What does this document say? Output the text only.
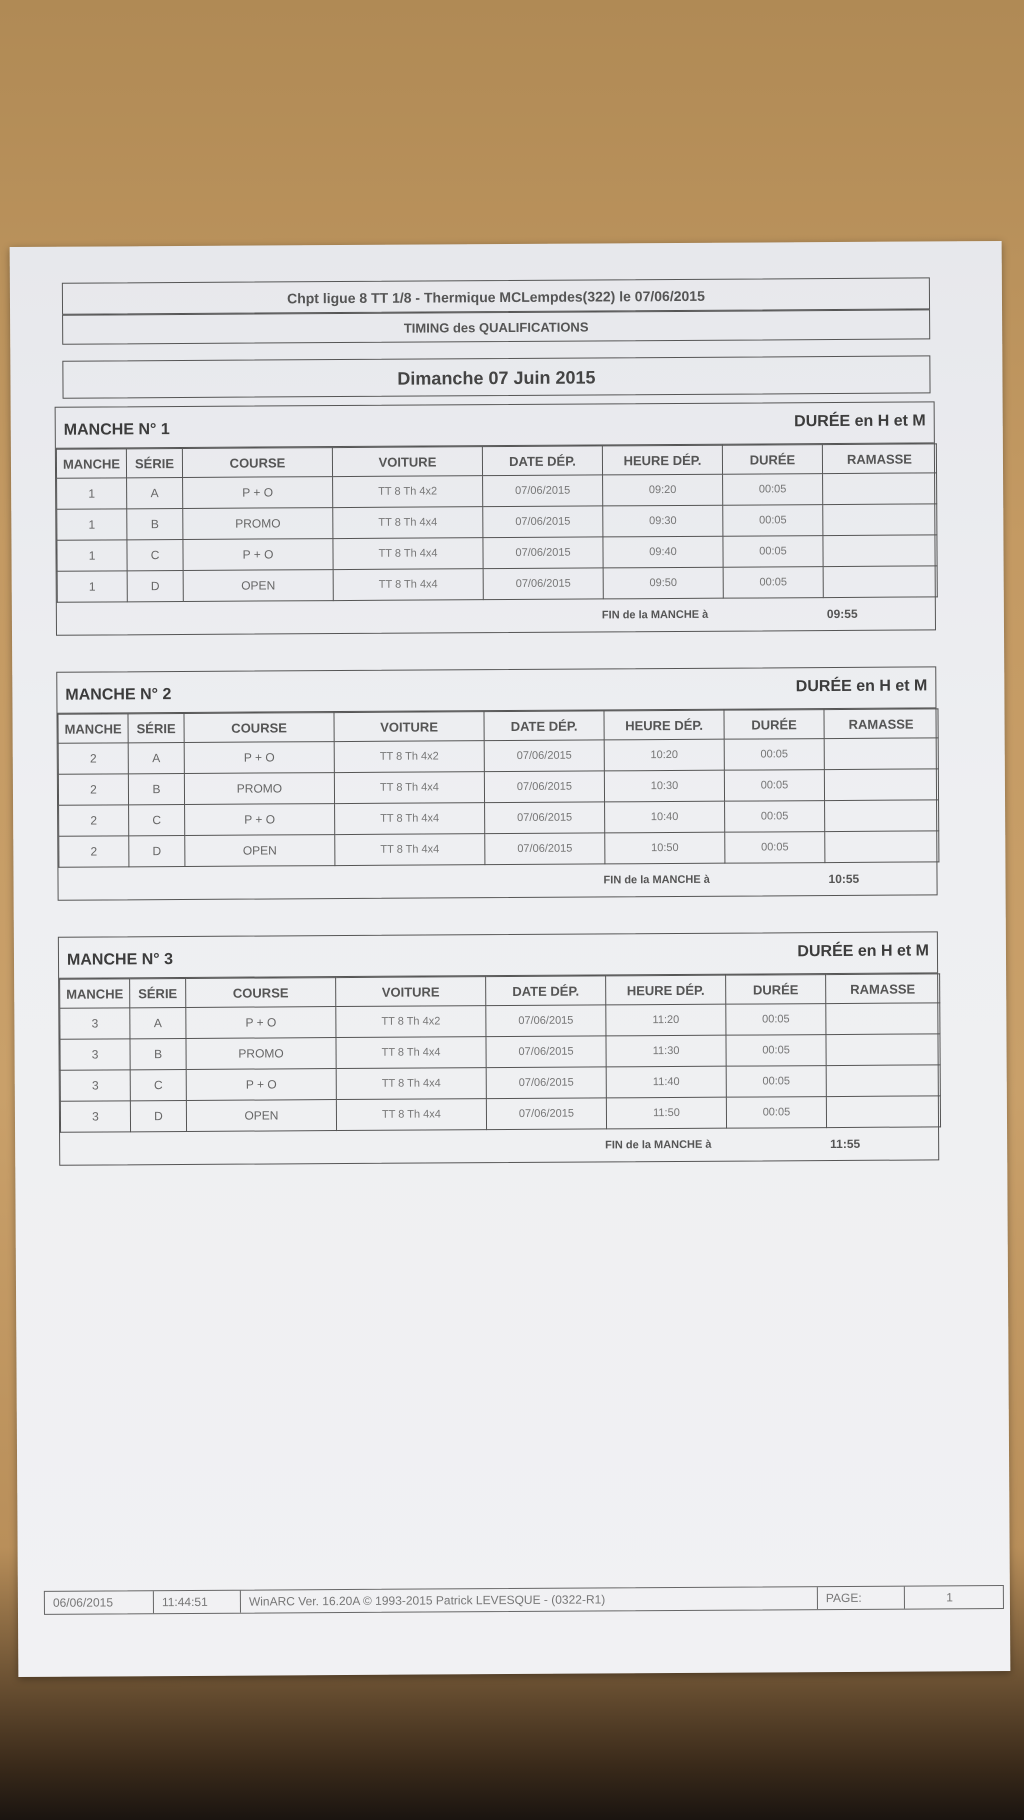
Chpt ligue 8 TT 1/8 - Thermique MCLempdes(322) le 07/06/2015
TIMING des QUALIFICATIONS
Dimanche 07 Juin 2015
MANCHE N° 1	DURÉE en H et M
MANCHE	SÉRIE	COURSE	VOITURE	DATE DÉP.	HEURE DÉP.	DURÉE	RAMASSE
1	A	P + O	TT 8 Th 4x2	07/06/2015	09:20	00:05	
1	B	PROMO	TT 8 Th 4x4	07/06/2015	09:30	00:05	
1	C	P + O	TT 8 Th 4x4	07/06/2015	09:40	00:05	
1	D	OPEN	TT 8 Th 4x4	07/06/2015	09:50	00:05	
FIN de la MANCHE à	09:55
MANCHE N° 2	DURÉE en H et M
MANCHE	SÉRIE	COURSE	VOITURE	DATE DÉP.	HEURE DÉP.	DURÉE	RAMASSE
2	A	P + O	TT 8 Th 4x2	07/06/2015	10:20	00:05	
2	B	PROMO	TT 8 Th 4x4	07/06/2015	10:30	00:05	
2	C	P + O	TT 8 Th 4x4	07/06/2015	10:40	00:05	
2	D	OPEN	TT 8 Th 4x4	07/06/2015	10:50	00:05	
FIN de la MANCHE à	10:55
MANCHE N° 3	DURÉE en H et M
MANCHE	SÉRIE	COURSE	VOITURE	DATE DÉP.	HEURE DÉP.	DURÉE	RAMASSE
3	A	P + O	TT 8 Th 4x2	07/06/2015	11:20	00:05	
3	B	PROMO	TT 8 Th 4x4	07/06/2015	11:30	00:05	
3	C	P + O	TT 8 Th 4x4	07/06/2015	11:40	00:05	
3	D	OPEN	TT 8 Th 4x4	07/06/2015	11:50	00:05	
FIN de la MANCHE à	11:55
06/06/2015	11:44:51	WinARC Ver. 16.20A © 1993-2015 Patrick LEVESQUE - (0322-R1)	PAGE:	1
